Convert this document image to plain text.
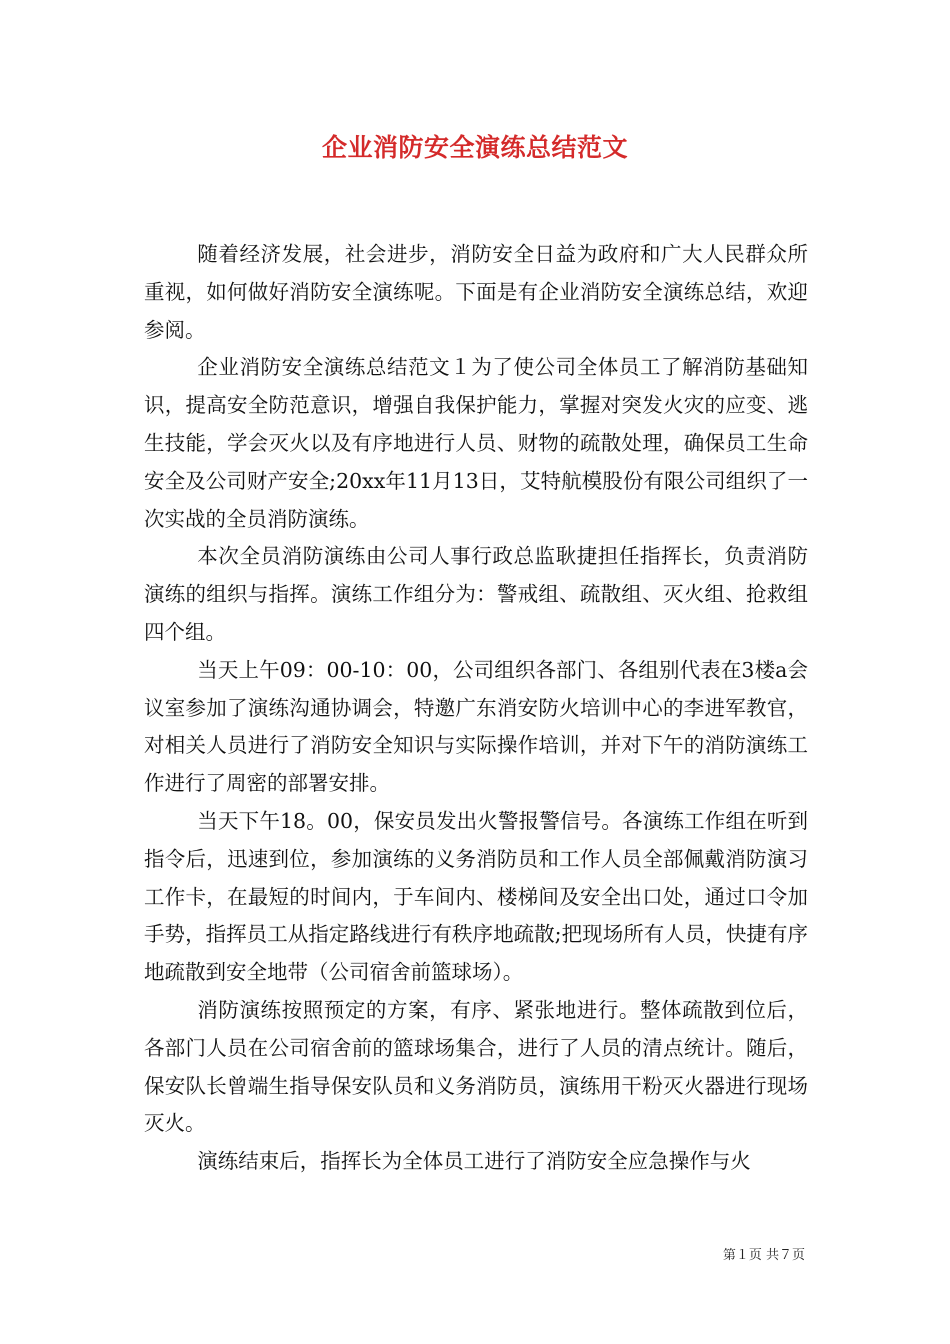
企业消防安全演练总结范文

随着经济发展，社会进步，消防安全日益为政府和广大人民群众所重视，如何做好消防安全演练呢。下面是有企业消防安全演练总结，欢迎参阅。

企业消防安全演练总结范文１为了使公司全体员工了解消防基础知识，提高安全防范意识，增强自我保护能力，掌握对突发火灾的应变、逃生技能，学会灭火以及有序地进行人员、财物的疏散处理，确保员工生命安全及公司财产安全;20xx年11月13日，艾特航模股份有限公司组织了一次实战的全员消防演练。

本次全员消防演练由公司人事行政总监耿捷担任指挥长，负责消防演练的组织与指挥。演练工作组分为：警戒组、疏散组、灭火组、抢救组四个组。

当天上午09：00-10：00，公司组织各部门、各组别代表在3楼a会议室参加了演练沟通协调会，特邀广东消安防火培训中心的李进军教官，对相关人员进行了消防安全知识与实际操作培训，并对下午的消防演练工作进行了周密的部署安排。

当天下午18。00，保安员发出火警报警信号。各演练工作组在听到指令后，迅速到位，参加演练的义务消防员和工作人员全部佩戴消防演习工作卡，在最短的时间内，于车间内、楼梯间及安全出口处，通过口令加手势，指挥员工从指定路线进行有秩序地疏散;把现场所有人员，快捷有序地疏散到安全地带（公司宿舍前篮球场）。

消防演练按照预定的方案，有序、紧张地进行。整体疏散到位后，各部门人员在公司宿舍前的篮球场集合，进行了人员的清点统计。随后，保安队长曾端生指导保安队员和义务消防员，演练用干粉灭火器进行现场灭火。

演练结束后，指挥长为全体员工进行了消防安全应急操作与火

第１页 共７页
